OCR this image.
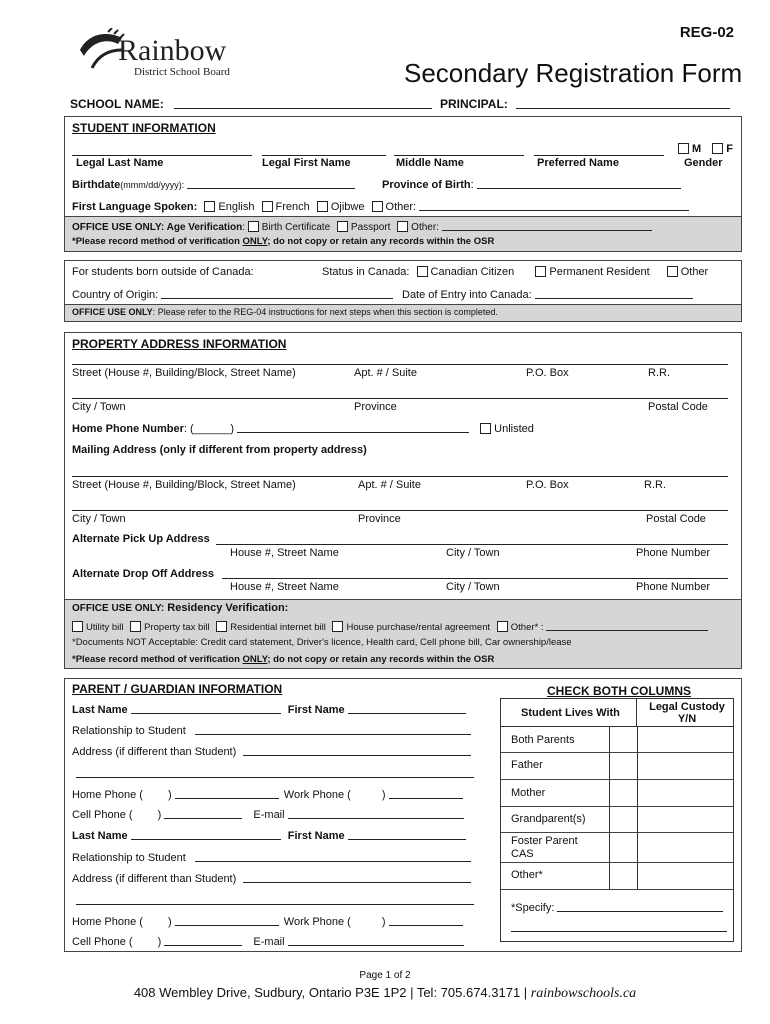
Rainbow
District School Board
REG-02
Secondary Registration Form
SCHOOL NAME:	PRINCIPAL:
STUDENT INFORMATION
M F
Legal Last Name	Legal First Name	Middle Name	Preferred Name	Gender
Birthdate(mmm/dd/yyyy):	Province of Birth:
First Language Spoken: English French Ojibwe Other:
OFFICE USE ONLY: Age Verification: Birth Certificate Passport Other:
*Please record method of verification ONLY; do not copy or retain any records within the OSR
For students born outside of Canada:	Status in Canada: Canadian Citizen	Permanent Resident	Other
Country of Origin:	Date of Entry into Canada:
OFFICE USE ONLY: Please refer to the REG-04 instructions for next steps when this section is completed.
PROPERTY ADDRESS INFORMATION
Street (House #, Building/Block, Street Name)	Apt. # / Suite	P.O. Box	R.R.
City / Town	Province	Postal Code
Home Phone Number: (______)	Unlisted
Mailing Address (only if different from property address)
Street (House #, Building/Block, Street Name)	Apt. # / Suite	P.O. Box	R.R.
City / Town	Province	Postal Code
Alternate Pick Up Address
House #, Street Name	City / Town	Phone Number
Alternate Drop Off Address
House #, Street Name	City / Town	Phone Number
OFFICE USE ONLY: Residency Verification:
Utility bill Property tax bill Residential internet bill House purchase/rental agreement Other* :
*Documents NOT Acceptable: Credit card statement, Driver's licence, Health card, Cell phone bill, Car ownership/lease
*Please record method of verification ONLY; do not copy or retain any records within the OSR
PARENT / GUARDIAN INFORMATION
Last Name	First Name
Relationship to Student
Address (if different than Student)
Home Phone ( )	Work Phone (	)
Cell Phone ( )	E-mail
Last Name	First Name
Relationship to Student
Address (if different than Student)
Home Phone ( )	Work Phone (	)
Cell Phone ( )	E-mail
CHECK BOTH COLUMNS
Student Lives With	Legal Custody
Y/N
Both Parents
Father
Mother
Grandparent(s)
Foster Parent
CAS
Other*
*Specify:
Page 1 of 2
408 Wembley Drive, Sudbury, Ontario P3E 1P2 | Tel: 705.674.3171 | rainbowschools.ca
